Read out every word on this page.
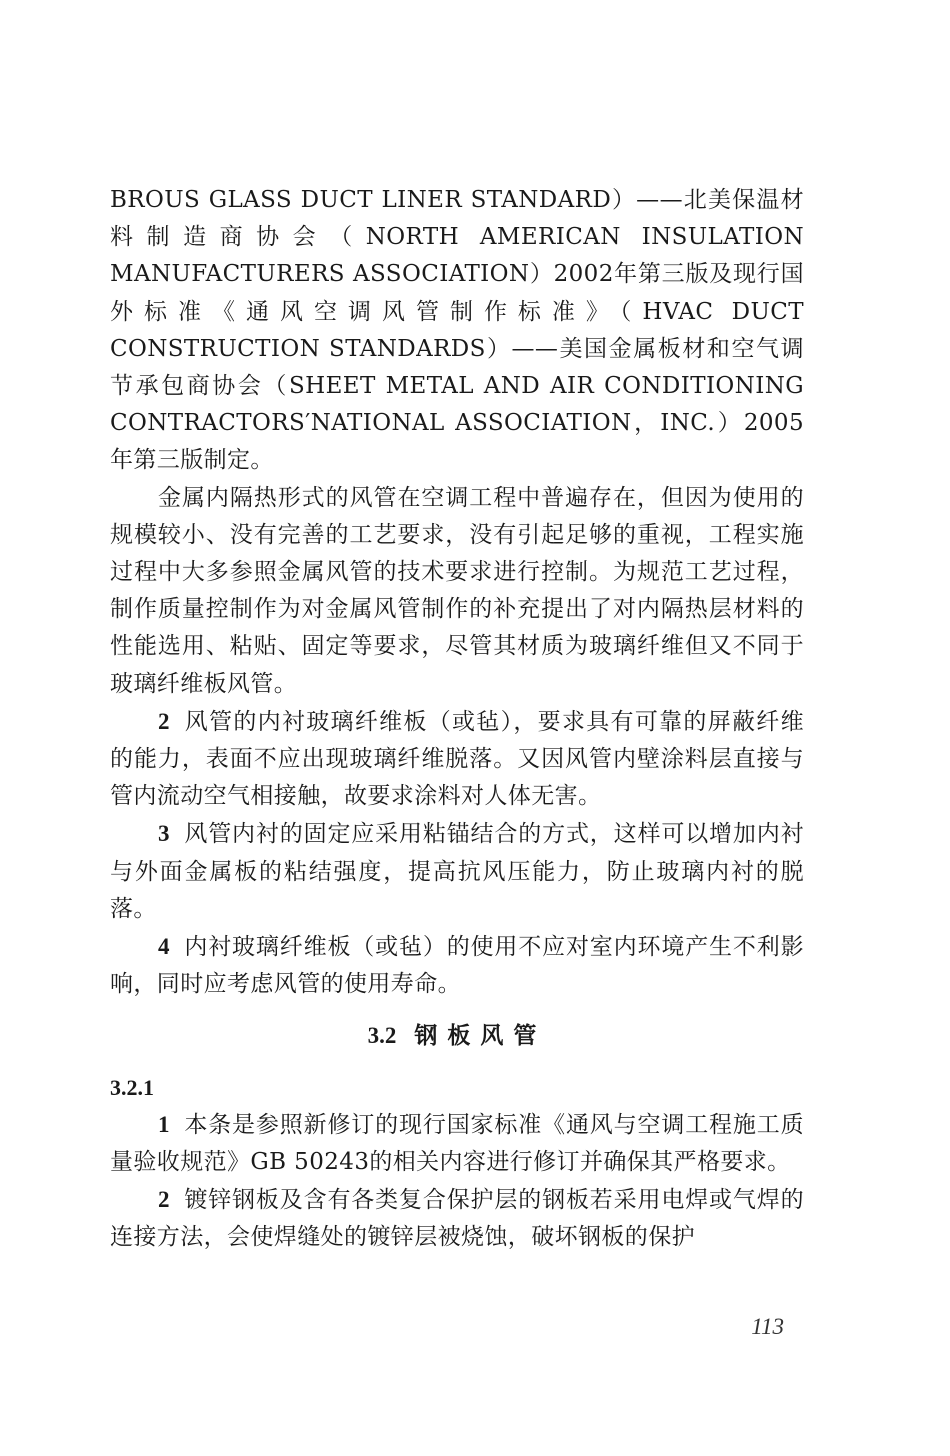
BROUS GLASS DUCT LINER STANDARD）——北美保温材料制造商协会（NORTH AMERICAN INSULATION MANUFACTURERS ASSOCIATION）2002年第三版及现行国外标准《通风空调风管制作标准》（HVAC DUCT CONSTRUCTION STANDARDS）——美国金属板材和空气调节承包商协会（SHEET METAL AND AIR CONDITIONING CONTRACTORS′NATIONAL ASSOCIATION，INC.）2005年第三版制定。

金属内隔热形式的风管在空调工程中普遍存在，但因为使用的规模较小、没有完善的工艺要求，没有引起足够的重视，工程实施过程中大多参照金属风管的技术要求进行控制。为规范工艺过程，制作质量控制作为对金属风管制作的补充提出了对内隔热层材料的性能选用、粘贴、固定等要求，尽管其材质为玻璃纤维但又不同于玻璃纤维板风管。

2 风管的内衬玻璃纤维板（或毡），要求具有可靠的屏蔽纤维的能力，表面不应出现玻璃纤维脱落。又因风管内壁涂料层直接与管内流动空气相接触，故要求涂料对人体无害。

3 风管内衬的固定应采用粘锚结合的方式，这样可以增加内衬与外面金属板的粘结强度，提高抗风压能力，防止玻璃内衬的脱落。

4 内衬玻璃纤维板（或毡）的使用不应对室内环境产生不利影响，同时应考虑风管的使用寿命。

3.2 钢板风管

3.2.1

1 本条是参照新修订的现行国家标准《通风与空调工程施工质量验收规范》GB 50243的相关内容进行修订并确保其严格要求。

2 镀锌钢板及含有各类复合保护层的钢板若采用电焊或气焊的连接方法，会使焊缝处的镀锌层被烧蚀，破坏钢板的保护

113
